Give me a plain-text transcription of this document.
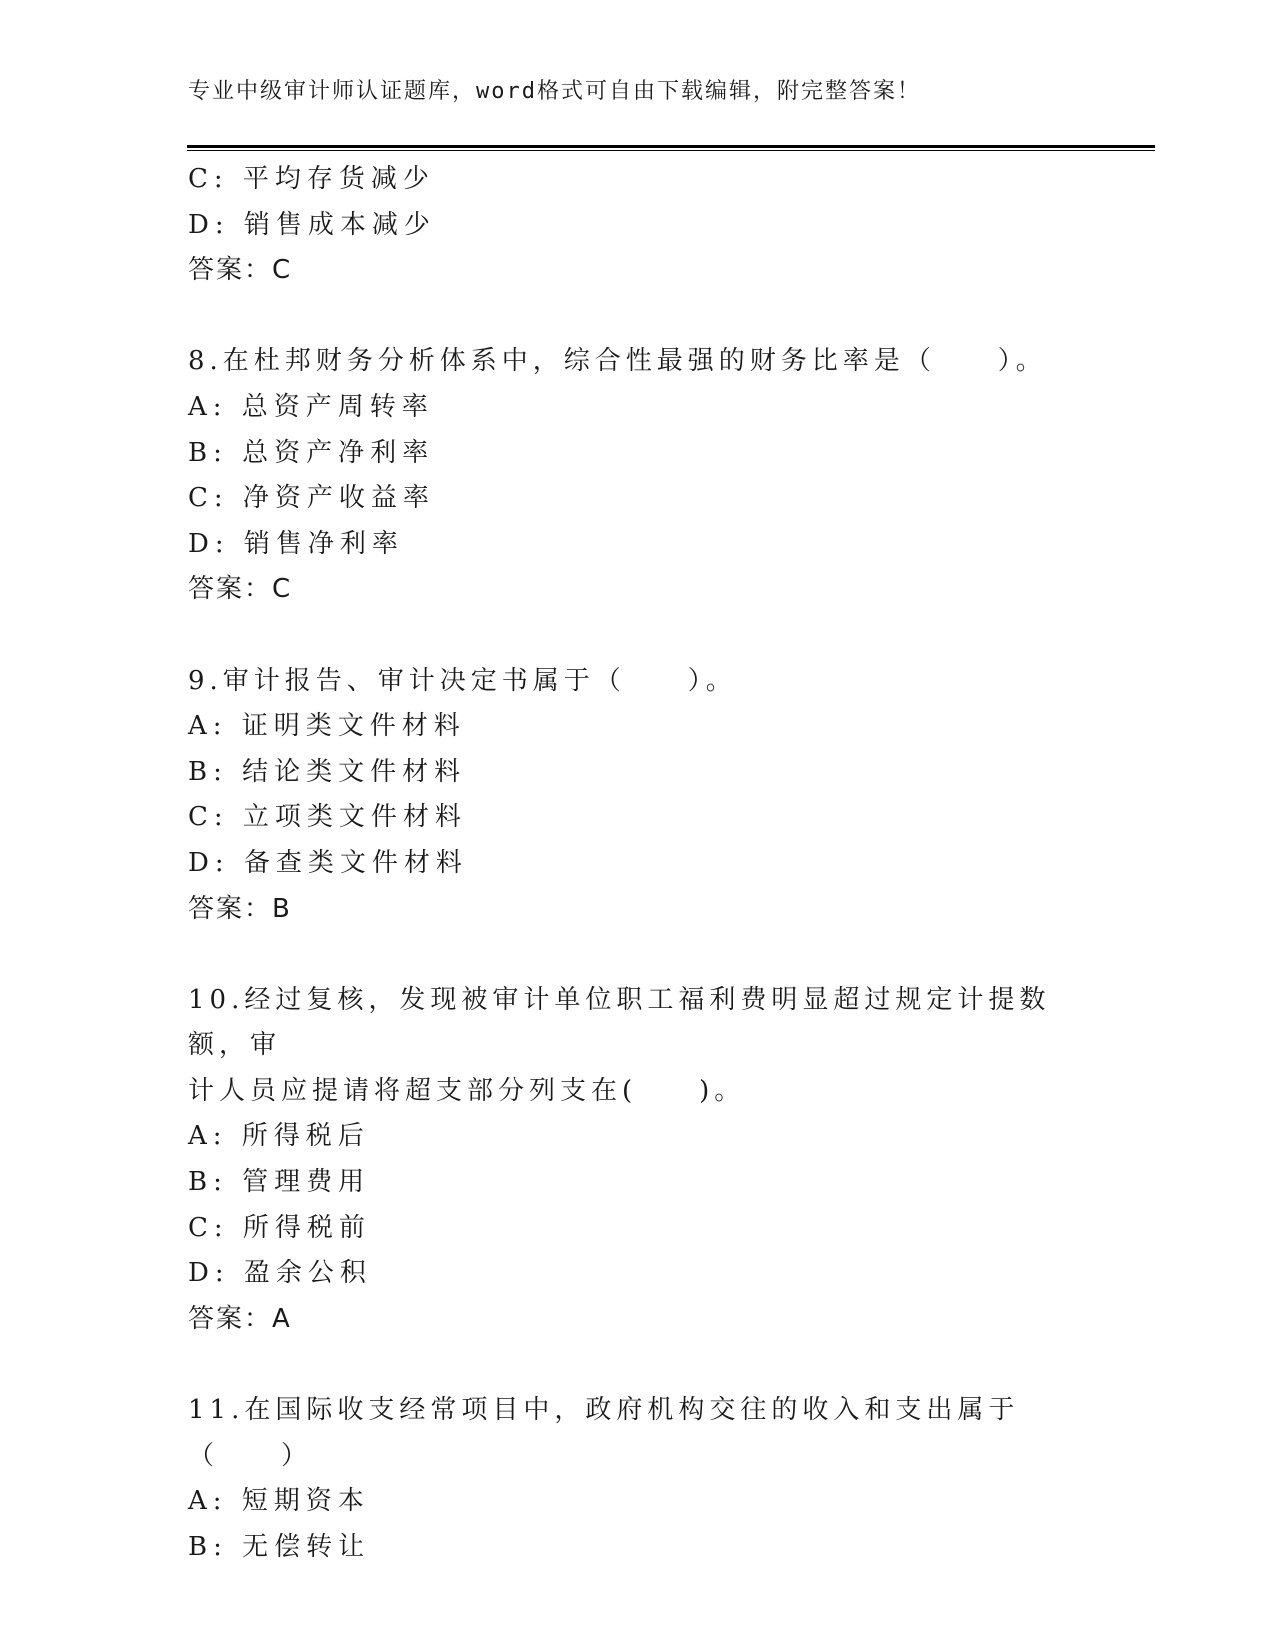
专业中级审计师认证题库，word格式可自由下载编辑，附完整答案！
C: 平均存货减少
D: 销售成本减少
答案：C
8.在杜邦财务分析体系中，综合性最强的财务比率是（　　）。
A: 总资产周转率
B: 总资产净利率
C: 净资产收益率
D: 销售净利率
答案：C
9.审计报告、审计决定书属于（　　）。
A: 证明类文件材料
B: 结论类文件材料
C: 立项类文件材料
D: 备查类文件材料
答案：B
10.经过复核，发现被审计单位职工福利费明显超过规定计提数额，审
计人员应提请将超支部分列支在(　　)。
A: 所得税后
B: 管理费用
C: 所得税前
D: 盈余公积
答案：A
11.在国际收支经常项目中，政府机构交往的收入和支出属于（　　）
A: 短期资本
B: 无偿转让
